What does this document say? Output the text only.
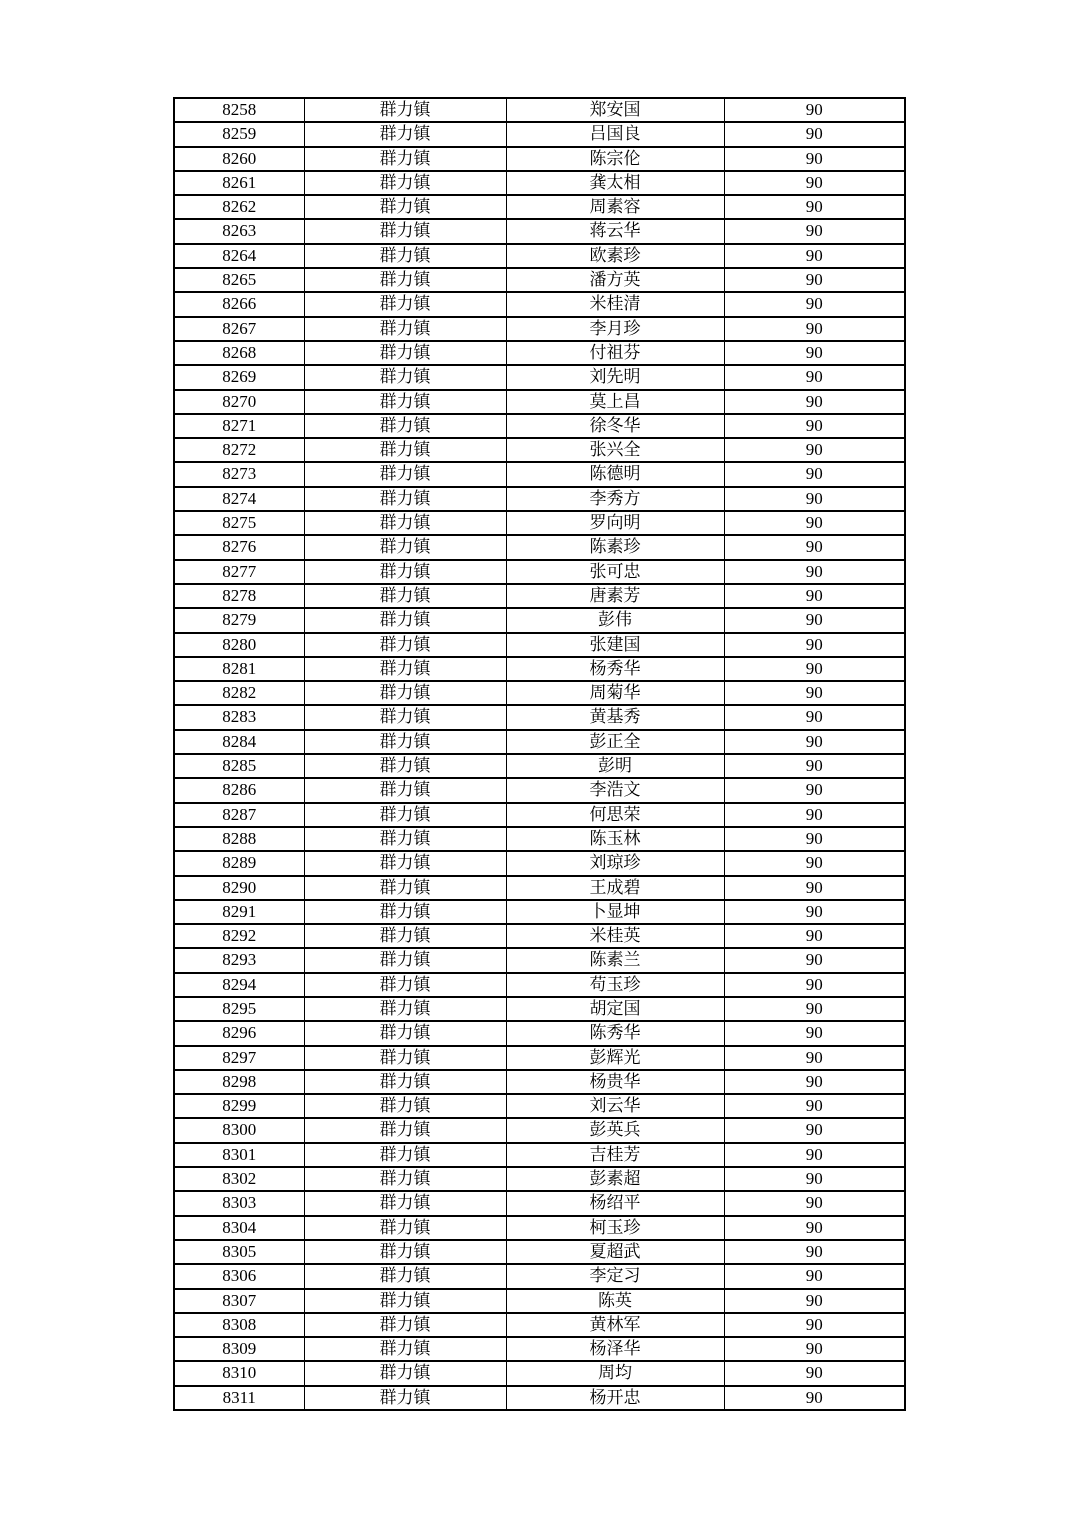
8258	群力镇	郑安国	90
8259	群力镇	吕国良	90
8260	群力镇	陈宗伦	90
8261	群力镇	龚太相	90
8262	群力镇	周素容	90
8263	群力镇	蒋云华	90
8264	群力镇	欧素珍	90
8265	群力镇	潘方英	90
8266	群力镇	米桂清	90
8267	群力镇	李月珍	90
8268	群力镇	付祖芬	90
8269	群力镇	刘先明	90
8270	群力镇	莫上昌	90
8271	群力镇	徐冬华	90
8272	群力镇	张兴全	90
8273	群力镇	陈德明	90
8274	群力镇	李秀方	90
8275	群力镇	罗向明	90
8276	群力镇	陈素珍	90
8277	群力镇	张可忠	90
8278	群力镇	唐素芳	90
8279	群力镇	彭伟	90
8280	群力镇	张建国	90
8281	群力镇	杨秀华	90
8282	群力镇	周菊华	90
8283	群力镇	黄基秀	90
8284	群力镇	彭正全	90
8285	群力镇	彭明	90
8286	群力镇	李浩文	90
8287	群力镇	何思荣	90
8288	群力镇	陈玉林	90
8289	群力镇	刘琼珍	90
8290	群力镇	王成碧	90
8291	群力镇	卜显坤	90
8292	群力镇	米桂英	90
8293	群力镇	陈素兰	90
8294	群力镇	苟玉珍	90
8295	群力镇	胡定国	90
8296	群力镇	陈秀华	90
8297	群力镇	彭辉光	90
8298	群力镇	杨贵华	90
8299	群力镇	刘云华	90
8300	群力镇	彭英兵	90
8301	群力镇	吉桂芳	90
8302	群力镇	彭素超	90
8303	群力镇	杨绍平	90
8304	群力镇	柯玉珍	90
8305	群力镇	夏超武	90
8306	群力镇	李定习	90
8307	群力镇	陈英	90
8308	群力镇	黄林军	90
8309	群力镇	杨泽华	90
8310	群力镇	周均	90
8311	群力镇	杨开忠	90
